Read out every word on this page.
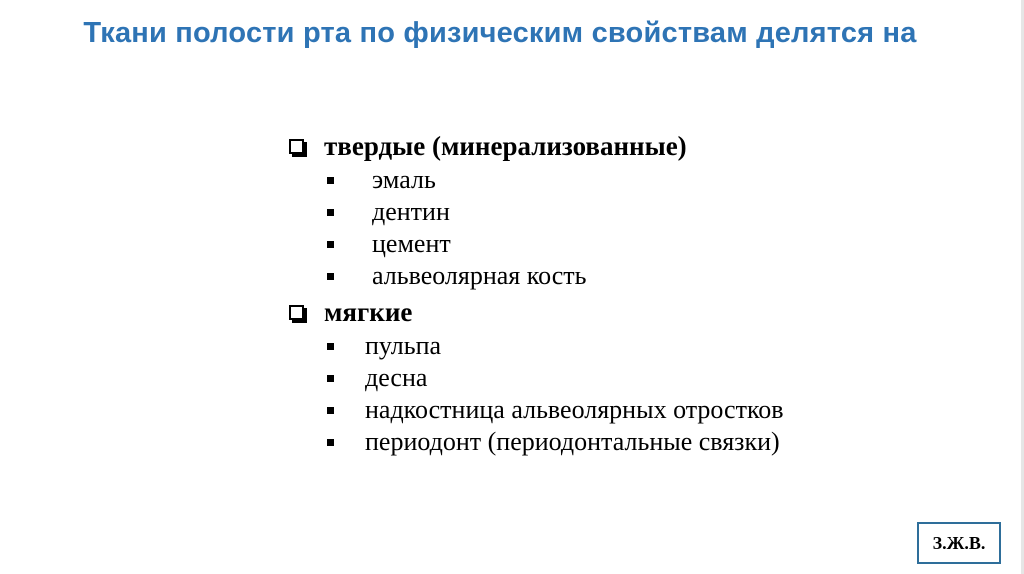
Ткани полости рта по физическим свойствам делятся на
твердые (минерализованные)
эмаль
дентин
цемент
альвеолярная кость
мягкие
пульпа
десна
надкостница альвеолярных отростков
периодонт (периодонтальные связки)
З.Ж.В.
